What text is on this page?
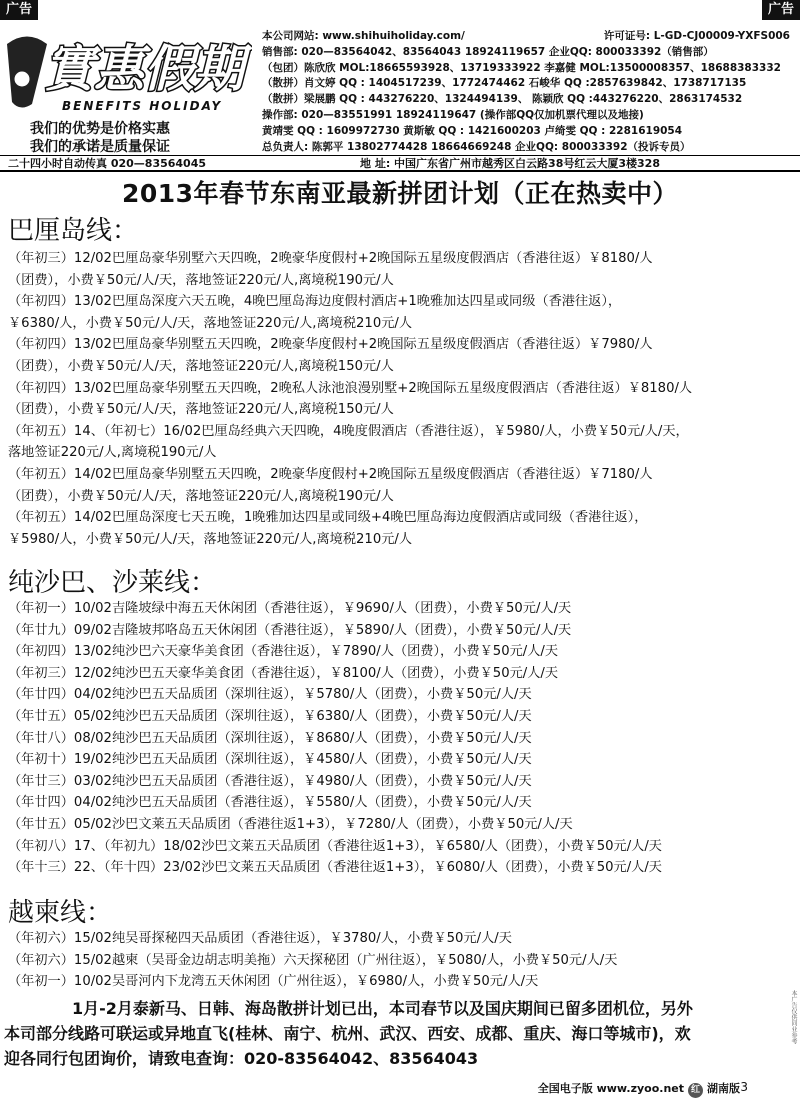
广告	广告
實惠假期
BENEFITS HOLIDAY
我们的优势是价格实惠
我们的承诺是质量保证
本公司网站: www.shihuiholiday.com/	许可证号: L-GD-CJ00009-YXFS006
销售部: 020—83564042、83564043 18924119657 企业QQ: 800033392（销售部）
（包团）陈欣欣 MOL:18665593928、13719333922 李嘉健 MOL:13500008357、18688383332
（散拼）肖文婷 QQ : 1404517239、1772474462 石峻华 QQ :2857639842、1738717135
（散拼）梁展鹏 QQ : 443276220、1324494139、 陈颖欣 QQ :443276220、2863174532
操作部: 020—83551991 18924119647 (操作部QQ仅加机票代理以及地接)
黄靖雯 QQ : 1609972730 黄斯敏 QQ : 1421600203 卢绮雯 QQ : 2281619054
总负责人: 陈郭平 13802774428 18664669248 企业QQ: 800033392（投诉专员）
二十四小时自动传真 020—83564045	地 址: 中国广东省广州市越秀区白云路38号红云大厦3楼328
2013年春节东南亚最新拼团计划（正在热卖中）
巴厘岛线：
（年初三）12/02巴厘岛豪华别墅六天四晚，2晚豪华度假村+2晚国际五星级度假酒店（香港往返）￥8180/人
（团费），小费￥50元/人/天，落地签证220元/人,离境税190元/人
（年初四）13/02巴厘岛深度六天五晚，4晚巴厘岛海边度假村酒店+1晚雅加达四星或同级（香港往返），
￥6380/人，小费￥50元/人/天，落地签证220元/人,离境税210元/人
（年初四）13/02巴厘岛豪华别墅五天四晚，2晚豪华度假村+2晚国际五星级度假酒店（香港往返）￥7980/人
（团费），小费￥50元/人/天，落地签证220元/人,离境税150元/人
（年初四）13/02巴厘岛豪华别墅五天四晚，2晚私人泳池浪漫别墅+2晚国际五星级度假酒店（香港往返）￥8180/人
（团费），小费￥50元/人/天，落地签证220元/人,离境税150元/人
（年初五）14、（年初七）16/02巴厘岛经典六天四晚，4晚度假酒店（香港往返），￥5980/人，小费￥50元/人/天，
落地签证220元/人,离境税190元/人
（年初五）14/02巴厘岛豪华别墅五天四晚，2晚豪华度假村+2晚国际五星级度假酒店（香港往返）￥7180/人
（团费），小费￥50元/人/天，落地签证220元/人,离境税190元/人
（年初五）14/02巴厘岛深度七天五晚，1晚雅加达四星或同级+4晚巴厘岛海边度假酒店或同级（香港往返），
￥5980/人，小费￥50元/人/天，落地签证220元/人,离境税210元/人
纯沙巴、沙莱线：
（年初一）10/02吉隆坡绿中海五天休闲团（香港往返），￥9690/人（团费），小费￥50元/人/天
（年廿九）09/02吉隆坡邦咯岛五天休闲团（香港往返），￥5890/人（团费），小费￥50元/人/天
（年初四）13/02纯沙巴六天豪华美食团（香港往返），￥7890/人（团费），小费￥50元/人/天
（年初三）12/02纯沙巴五天豪华美食团（香港往返），￥8100/人（团费），小费￥50元/人/天
（年廿四）04/02纯沙巴五天品质团（深圳往返），￥5780/人（团费），小费￥50元/人/天
（年廿五）05/02纯沙巴五天品质团（深圳往返），￥6380/人（团费），小费￥50元/人/天
（年廿八）08/02纯沙巴五天品质团（深圳往返），￥8680/人（团费），小费￥50元/人/天
（年初十）19/02纯沙巴五天品质团（深圳往返），￥4580/人（团费），小费￥50元/人/天
（年廿三）03/02纯沙巴五天品质团（香港往返），￥4980/人（团费），小费￥50元/人/天
（年廿四）04/02纯沙巴五天品质团（香港往返），￥5580/人（团费），小费￥50元/人/天
（年廿五）05/02沙巴文莱五天品质团（香港往返1+3），￥7280/人（团费），小费￥50元/人/天
（年初八）17、（年初九）18/02沙巴文莱五天品质团（香港往返1+3），￥6580/人（团费），小费￥50元/人/天
（年十三）22、（年十四）23/02沙巴文莱五天品质团（香港往返1+3），￥6080/人（团费），小费￥50元/人/天
越柬线：
（年初六）15/02纯吴哥探秘四天品质团（香港往返），￥3780/人，小费￥50元/人/天
（年初六）15/02越柬（吴哥金边胡志明美拖）六天探秘团（广州往返），￥5080/人，小费￥50元/人/天
（年初一）10/02吴哥河内下龙湾五天休闲团（广州往返），￥6980/人，小费￥50元/人/天
1月-2月泰新马、日韩、海岛散拼计划已出，本司春节以及国庆期间已留多团机位，另外
本司部分线路可联运或异地直飞(桂林、南宁、杭州、武汉、西安、成都、重庆、海口等城市)，欢
迎各同行包团询价，请致电查询：020-83564042、83564043
本广告仅供同业参考
全国电子版 www.zyoo.net 红 湖南版 3
